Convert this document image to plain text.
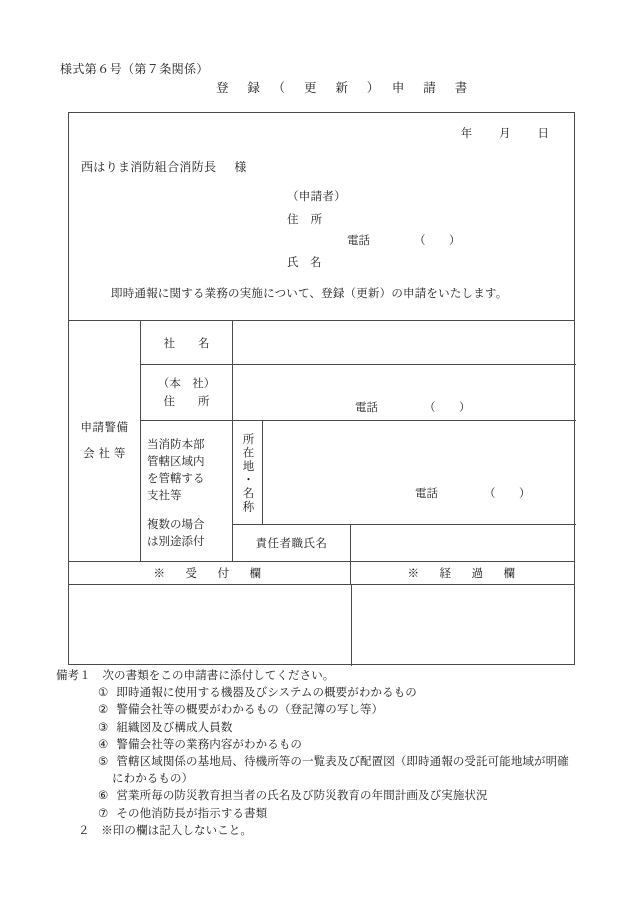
様式第６号（第７条関係）
登　録　（　更　新　）　申　請　書
年 月 日
西はりま消防組合消防長 様
（申請者）
住　所
電話	（　）
氏　名
即時通報に関する業務の実施について、登録（更新）の申請をいたします。
申請警備
会 社 等
社　　名
（本　社）
住　　所
電話	（　）
当消防本部
管轄区域内
を管轄する
支社等
複数の場合
は別途添付
所在地・名称	電話	（　）
責任者職氏名
※　受　付　欄	※　経　過　欄
備考１　次の書類をこの申請書に添付してください。
① 即時通報に使用する機器及びシステムの概要がわかるもの
② 警備会社等の概要がわかるもの（登記簿の写し等）
③ 組織図及び構成人員数
④ 警備会社等の業務内容がわかるもの
⑤ 管轄区域関係の基地局、待機所等の一覧表及び配置図（即時通報の受託可能地域が明確
にわかるもの）
⑥ 営業所毎の防災教育担当者の氏名及び防災教育の年間計画及び実施状況
⑦ その他消防長が指示する書類
２　※印の欄は記入しないこと。
